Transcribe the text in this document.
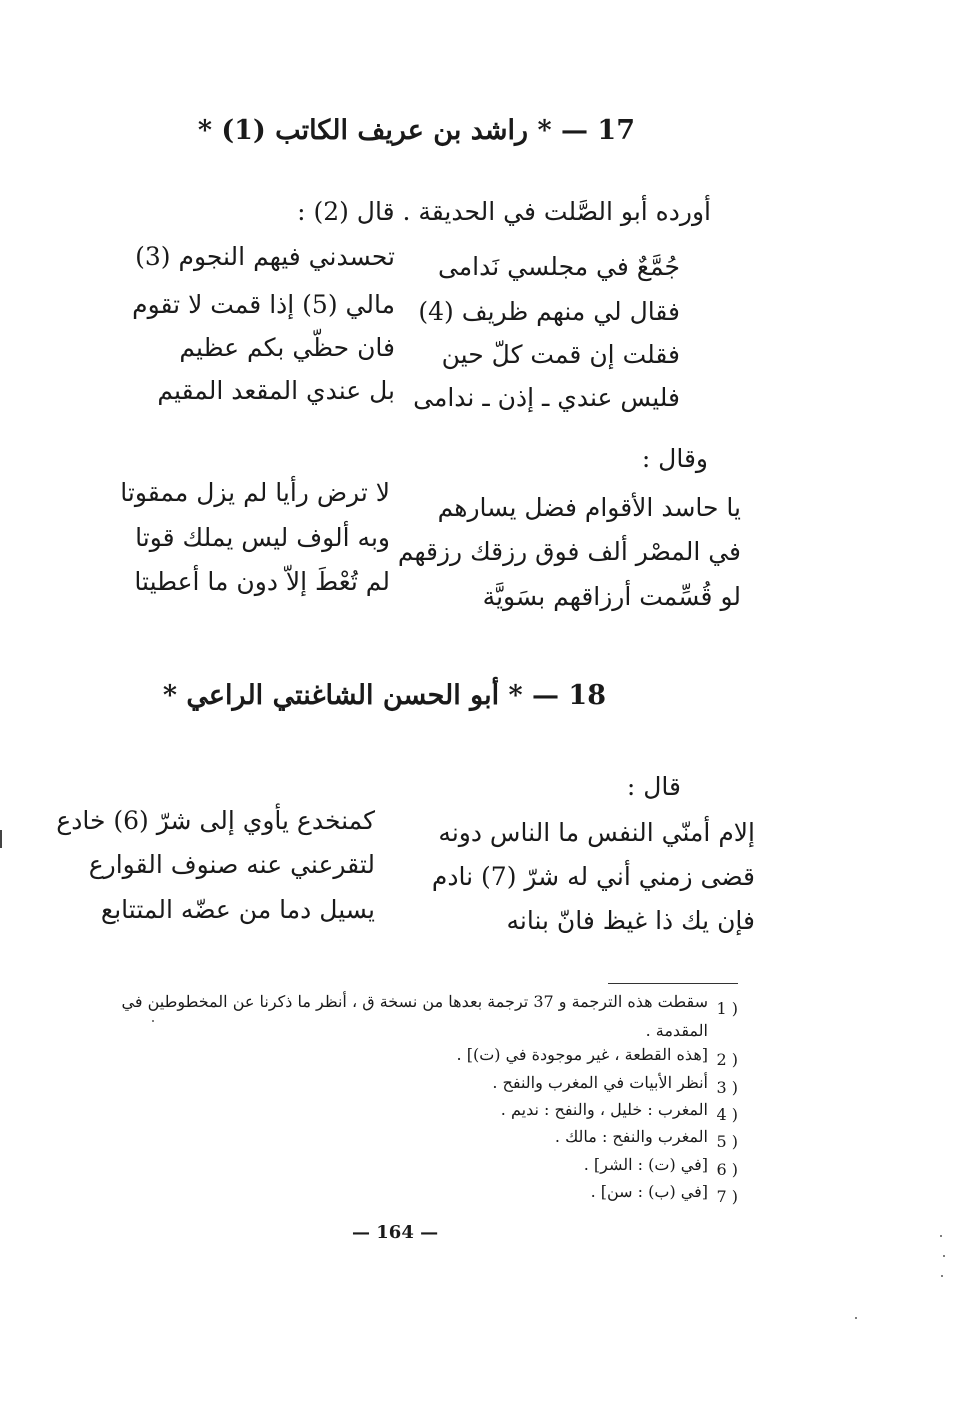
17 — * راشد بن عريف الكاتب (1) *
أورده أبو الصَّلت في الحديقة . قال (2) :
جُمَّعٌ في مجلسي نَدامى
تحسدني فيهم النجوم (3)
فقال لي منهم ظريف (4)
مالي (5) إذا قمت لا تقوم
فقلت إن قمت كلّ حين
فان حظّي بكم عظيم
فليس عندي ـ إذن ـ ندامى
بل عندي المقعد المقيم
وقال :
يا حاسد الأقوام فضل يسارهم
لا ترض رأيا لم يزل ممقوتا
في المصْر ألف فوق رزقك رزقهم
وبه ألوف ليس يملك قوتا
لو قُسِّمت أرزاقهم بسَويَّة
لم تُعْطَ إلاّ دون ما أعطيتا
18 — * أبو الحسن الشاغنتي الراعي *
قال :
إلام أمنّي النفس ما الناس دونه
كمنخدع يأوي إلى شرّ (6) خادع
قضى زمني أني له شرّ (7) نادم
لتقرعني عنه صنوف القوارع
فإن يك ذا غيظ فانّ بنانه
يسيل دما من عضّه المتتابع
1 )
سقطت هذه الترجمة و 37 ترجمة بعدها من نسخة ق ، أنظر ما ذكرنا عن المخطوطين في
المقدمة .
2 )
[هذه القطعة ، غير موجودة في (ت)] .
3 )
أنظر الأبيات في المغرب والنفح .
4 )
المغرب : خليل ، والنفح : نديم .
5 )
المغرب والنفح : مالك .
6 )
[في (ت) : الشر] .
7 )
[في (ب) : سن] .
— 164 —
